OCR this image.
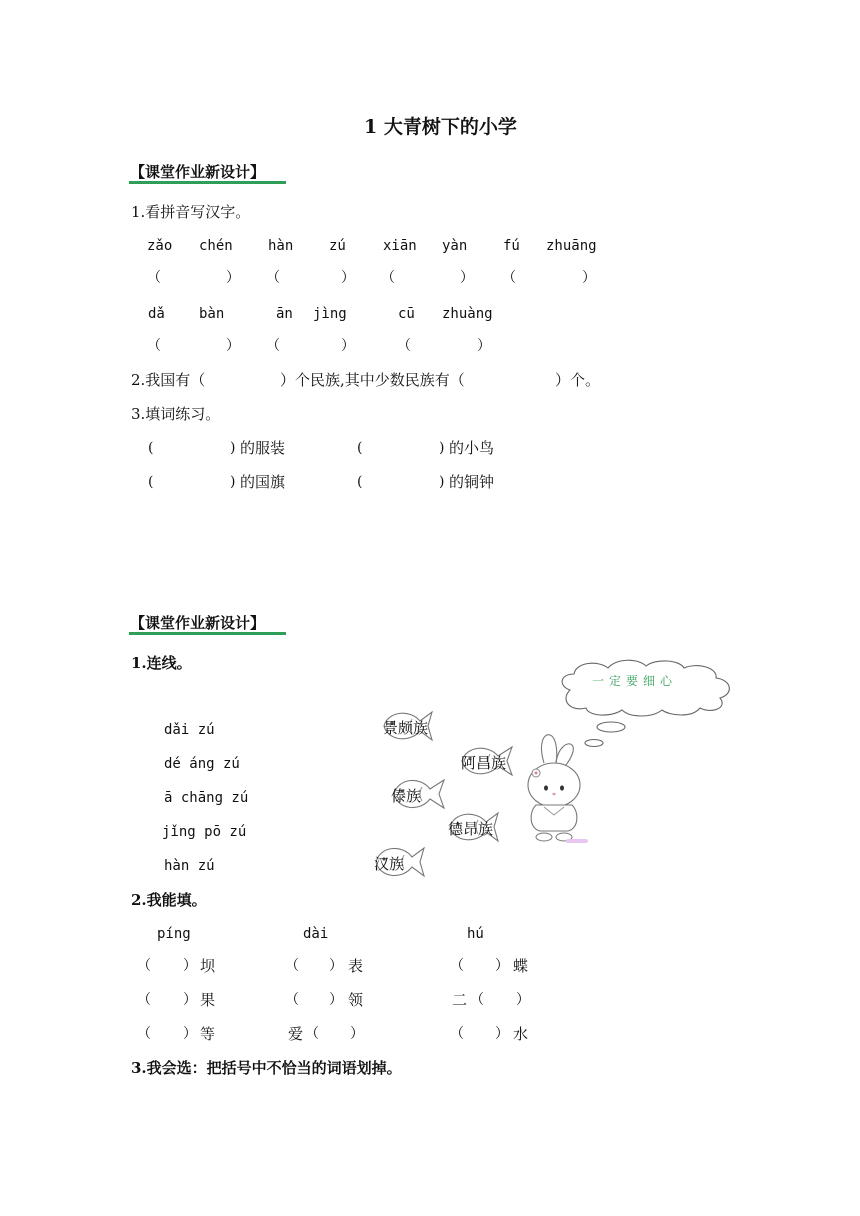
1 大青树下的小学
【课堂作业新设计】
1.看拼音写汉字。
zǎo chén	hàn	zú	xiān yàn	fú zhuāng
（	） （	） （	） （	）
dǎ bàn	ān jìng	cū zhuàng
（	） （	）	（	）
2.我国有（	）个民族,其中少数民族有（	）个。
3.填词练习。
(	) 的服装	(	) 的小鸟
(	) 的国旗	(	) 的铜钟
【课堂作业新设计】
1.连线。
dǎi zú
dé áng zú
ā chāng zú
jǐng pō zú
hàn zú
景颇族
阿昌族
傣族
德昂族
汉族
一定要细心
2.我能填。
píng	dài	hú
（ ） 坝	（ ） 表	（ ） 蝶
（ ） 果	（ ） 领	二 （ ）
（ ） 等	爱 （ ）	（ ） 水
3.我会选：把括号中不恰当的词语划掉。
